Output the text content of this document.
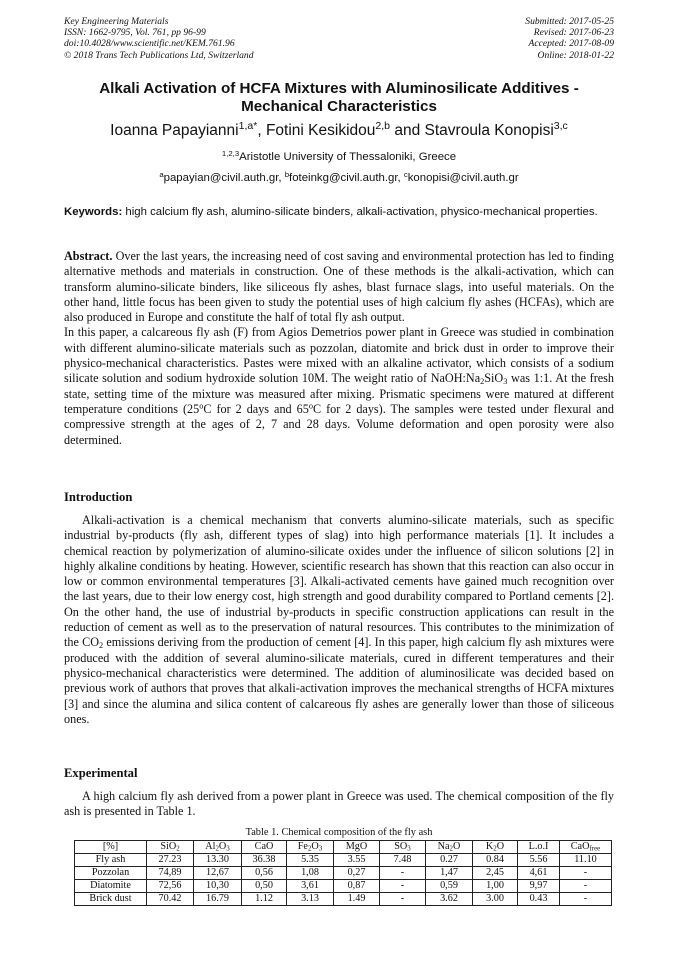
Key Engineering Materials
ISSN: 1662-9795, Vol. 761, pp 96-99
doi:10.4028/www.scientific.net/KEM.761.96
© 2018 Trans Tech Publications Ltd, Switzerland
Submitted: 2017-05-25
Revised: 2017-06-23
Accepted: 2017-08-09
Online: 2018-01-22
Alkali Activation of HCFA Mixtures with Aluminosilicate Additives -
Mechanical Characteristics
Ioanna Papayianni$^{1,a*}$, Fotini Kesikidou$^{2,b}$ and Stavroula Konopisi$^{3,c}$
$^{1,2,3}$Aristotle University of Thessaloniki, Greece
$^a$papayian@civil.auth.gr, $^b$foteinkg@civil.auth.gr, $^c$konopisi@civil.auth.gr
Keywords: high calcium fly ash, alumino-silicate binders, alkali-activation, physico-mechanical properties.

Abstract. Over the last years, the increasing need of cost saving and environmental protection has led to finding alternative methods and materials in construction. One of these methods is the alkali-activation, which can transform alumino-silicate binders, like siliceous fly ashes, blast furnace slags, into useful materials. On the other hand, little focus has been given to study the potential uses of high calcium fly ashes (HCFAs), which are also produced in Europe and constitute the half of total fly ash output.

In this paper, a calcareous fly ash (F) from Agios Demetrios power plant in Greece was studied in combination with different alumino-silicate materials such as pozzolan, diatomite and brick dust in order to improve their physico-mechanical characteristics. Pastes were mixed with an alkaline activator, which consists of a sodium silicate solution and sodium hydroxide solution 10M. The weight ratio of $NaOH:Na_2SiO_3$ was 1:1. At the fresh state, setting time of the mixture was measured after mixing. Prismatic specimens were matured at different temperature conditions (25$^o$C for 2 days and 65$^o$C for 2 days). The samples were tested under flexural and compressive strength at the ages of 2, 7 and 28 days. Volume deformation and open porosity were also determined.

Introduction

Alkali-activation is a chemical mechanism that converts alumino-silicate materials, such as specific industrial by-products (fly ash, different types of slag) into high performance materials [1]. It includes a chemical reaction by polymerization of alumino-silicate oxides under the influence of silicon solutions [2] in highly alkaline conditions by heating. However, scientific research has shown that this reaction can also occur in low or common environmental temperatures [3]. Alkali-activated cements have gained much recognition over the last years, due to their low energy cost, high strength and good durability compared to Portland cements [2]. On the other hand, the use of industrial by-products in specific construction applications can result in the reduction of cement as well as to the preservation of natural resources. This contributes to the minimization of the $CO_2$ emissions deriving from the production of cement [4]. In this paper, high calcium fly ash mixtures were produced with the addition of several alumino-silicate materials, cured in different temperatures and their physico-mechanical characteristics were determined. The addition of aluminosilicate was decided based on previous work of authors that proves that alkali-activation improves the mechanical strengths of HCFA mixtures [3] and since the alumina and silica content of calcareous fly ashes are generally lower than those of siliceous ones.

Experimental

A high calcium fly ash derived from a power plant in Greece was used. The chemical composition of the fly ash is presented in Table 1.

Table 1. Chemical composition of the fly ash
[%]	SiO$_2$	$Al_2O_3$	CaO	$Fe_2O_3$	MgO	$SO_3$	$Na_2O$	$K_2O$	L.o.I	CaO$_{free}$
Fly ash	27.23	13.30	36.38	5.35	3.55	7.48	0.27	0.84	5.56	11.10
Pozzolan	74,89	12,67	0,56	1,08	0,27	-	1,47	2,45	4,61	-
Diatomite	72,56	10,30	0,50	3,61	0,87	-	0,59	1,00	9,97	-
Brick dust	70.42	16.79	1.12	3.13	1.49	-	3.62	3.00	0.43	-
